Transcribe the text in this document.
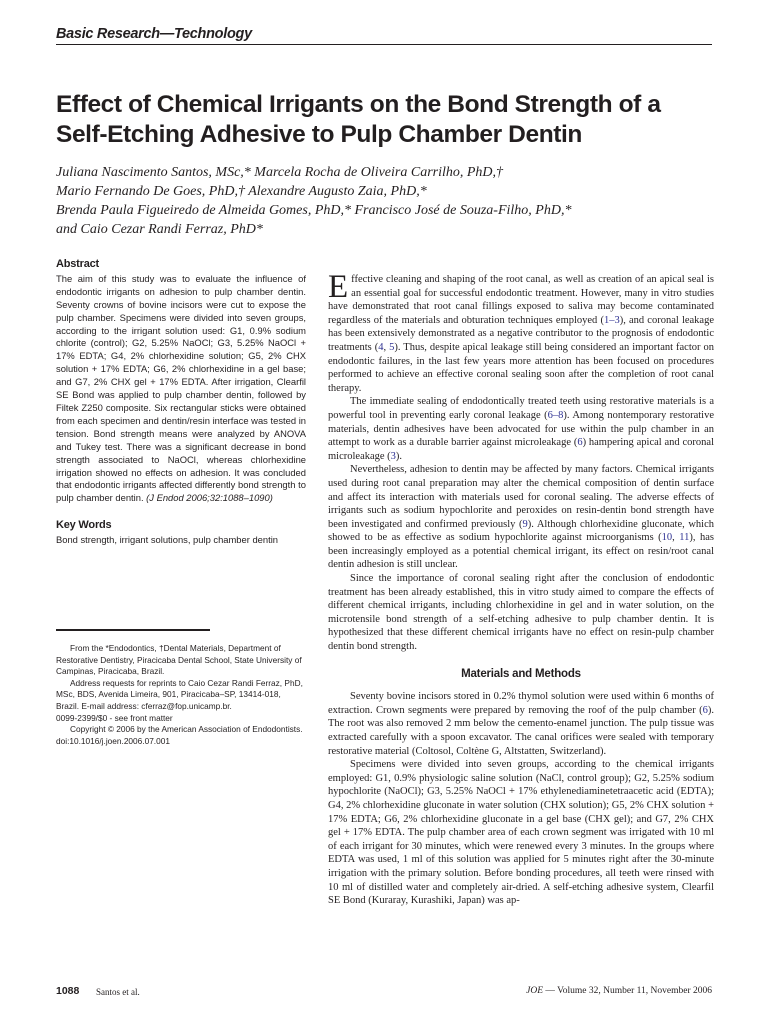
Basic Research—Technology
Effect of Chemical Irrigants on the Bond Strength of a
Self-Etching Adhesive to Pulp Chamber Dentin
Juliana Nascimento Santos, MSc,* Marcela Rocha de Oliveira Carrilho, PhD,†
Mario Fernando De Goes, PhD,† Alexandre Augusto Zaia, PhD,*
Brenda Paula Figueiredo de Almeida Gomes, PhD,* Francisco José de Souza-Filho, PhD,*
and Caio Cezar Randi Ferraz, PhD*
Abstract
The aim of this study was to evaluate the influence of endodontic irrigants on adhesion to pulp chamber dentin. Seventy crowns of bovine incisors were cut to expose the pulp chamber. Specimens were divided into seven groups, according to the irrigant solution used: G1, 0.9% sodium chlorite (control); G2, 5.25% NaOCl; G3, 5.25% NaOCl + 17% EDTA; G4, 2% chlorhexidine solution; G5, 2% CHX solution + 17% EDTA; G6, 2% chlorhexidine in a gel base; and G7, 2% CHX gel + 17% EDTA. After irrigation, Clearfil SE Bond was applied to pulp chamber dentin, followed by Filtek Z250 composite. Six rectangular sticks were obtained from each specimen and dentin/resin interface was tested in tension. Bond strength means were analyzed by ANOVA and Tukey test. There was a significant decrease in bond strength associated to NaOCl, whereas chlorhexidine irrigation showed no effects on adhesion. It was concluded that endodontic irrigants affected differently bond strength to pulp chamber dentin. (J Endod 2006;32:1088–1090)
Key Words
Bond strength, irrigant solutions, pulp chamber dentin

From the *Endodontics, †Dental Materials, Department of Restorative Dentistry, Piracicaba Dental School, State University of Campinas, Piracicaba, Brazil.

Address requests for reprints to Caio Cezar Randi Ferraz, PhD, MSc, BDS, Avenida Limeira, 901, Piracicaba–SP, 13414-018, Brazil. E-mail address: cferraz@fop.unicamp.br.

0099-2399/$0 - see front matter

Copyright © 2006 by the American Association of Endodontists.

doi:10.1016/j.joen.2006.07.001

Effective cleaning and shaping of the root canal, as well as creation of an apical seal is an essential goal for successful endodontic treatment. However, many in vitro studies have demonstrated that root canal fillings exposed to saliva may become contaminated regardless of the materials and obturation techniques employed (1–3), and coronal leakage has been extensively demonstrated as a negative contributor to the prognosis of endodontic treatments (4, 5). Thus, despite apical leakage still being considered an important factor on endodontic failures, in the last few years more attention has been focused on procedures performed to achieve an effective coronal sealing soon after the completion of root canal therapy.

The immediate sealing of endodontically treated teeth using restorative materials is a powerful tool in preventing early coronal leakage (6–8). Among nontemporary restorative materials, dentin adhesives have been advocated for use within the pulp chamber in an attempt to work as a durable barrier against microleakage (6) hampering apical and coronal microleakage (3).

Nevertheless, adhesion to dentin may be affected by many factors. Chemical irrigants used during root canal preparation may alter the chemical composition of dentin surface and affect its interaction with materials used for coronal sealing. The adverse effects of irrigants such as sodium hypochlorite and peroxides on resin-dentin bond strength have been investigated and confirmed previously (9). Although chlorhexidine gluconate, which showed to be as effective as sodium hypochlorite against microorganisms (10, 11), has been increasingly employed as a potential chemical irrigant, its effect on resin/root canal dentin adhesion is still unclear.

Since the importance of coronal sealing right after the conclusion of endodontic treatment has been already established, this in vitro study aimed to compare the effects of different chemical irrigants, including chlorhexidine in gel and in water solution, on the microtensile bond strength of a self-etching adhesive to pulp chamber dentin. It is hypothesized that these different chemical irrigants have no effect on resin-pulp chamber dentin bond strength.

Materials and Methods

Seventy bovine incisors stored in 0.2% thymol solution were used within 6 months of extraction. Crown segments were prepared by removing the roof of the pulp chamber (6). The root was also removed 2 mm below the cemento-enamel junction. The pulp tissue was extracted carefully with a spoon excavator. The canal orifices were sealed with temporary restorative material (Coltosol, Coltène G, Altstatten, Switzerland).

Specimens were divided into seven groups, according to the chemical irrigants employed: G1, 0.9% physiologic saline solution (NaCl, control group); G2, 5.25% sodium hypochlorite (NaOCl); G3, 5.25% NaOCl + 17% ethylenediaminetetraacetic acid (EDTA); G4, 2% chlorhexidine gluconate in water solution (CHX solution); G5, 2% CHX solution + 17% EDTA; G6, 2% chlorhexidine gluconate in a gel base (CHX gel); and G7, 2% CHX gel + 17% EDTA. The pulp chamber area of each crown segment was irrigated with 10 ml of each irrigant for 30 minutes, which were renewed every 3 minutes. In the groups where EDTA was used, 1 ml of this solution was applied for 5 minutes right after the 30-minute irrigation with the primary solution. Before bonding procedures, all teeth were rinsed with 10 ml of distilled water and completely air-dried. A self-etching adhesive system, Clearfil SE Bond (Kuraray, Kurashiki, Japan) was ap-

1088 Santos et al.	JOE — Volume 32, Number 11, November 2006
